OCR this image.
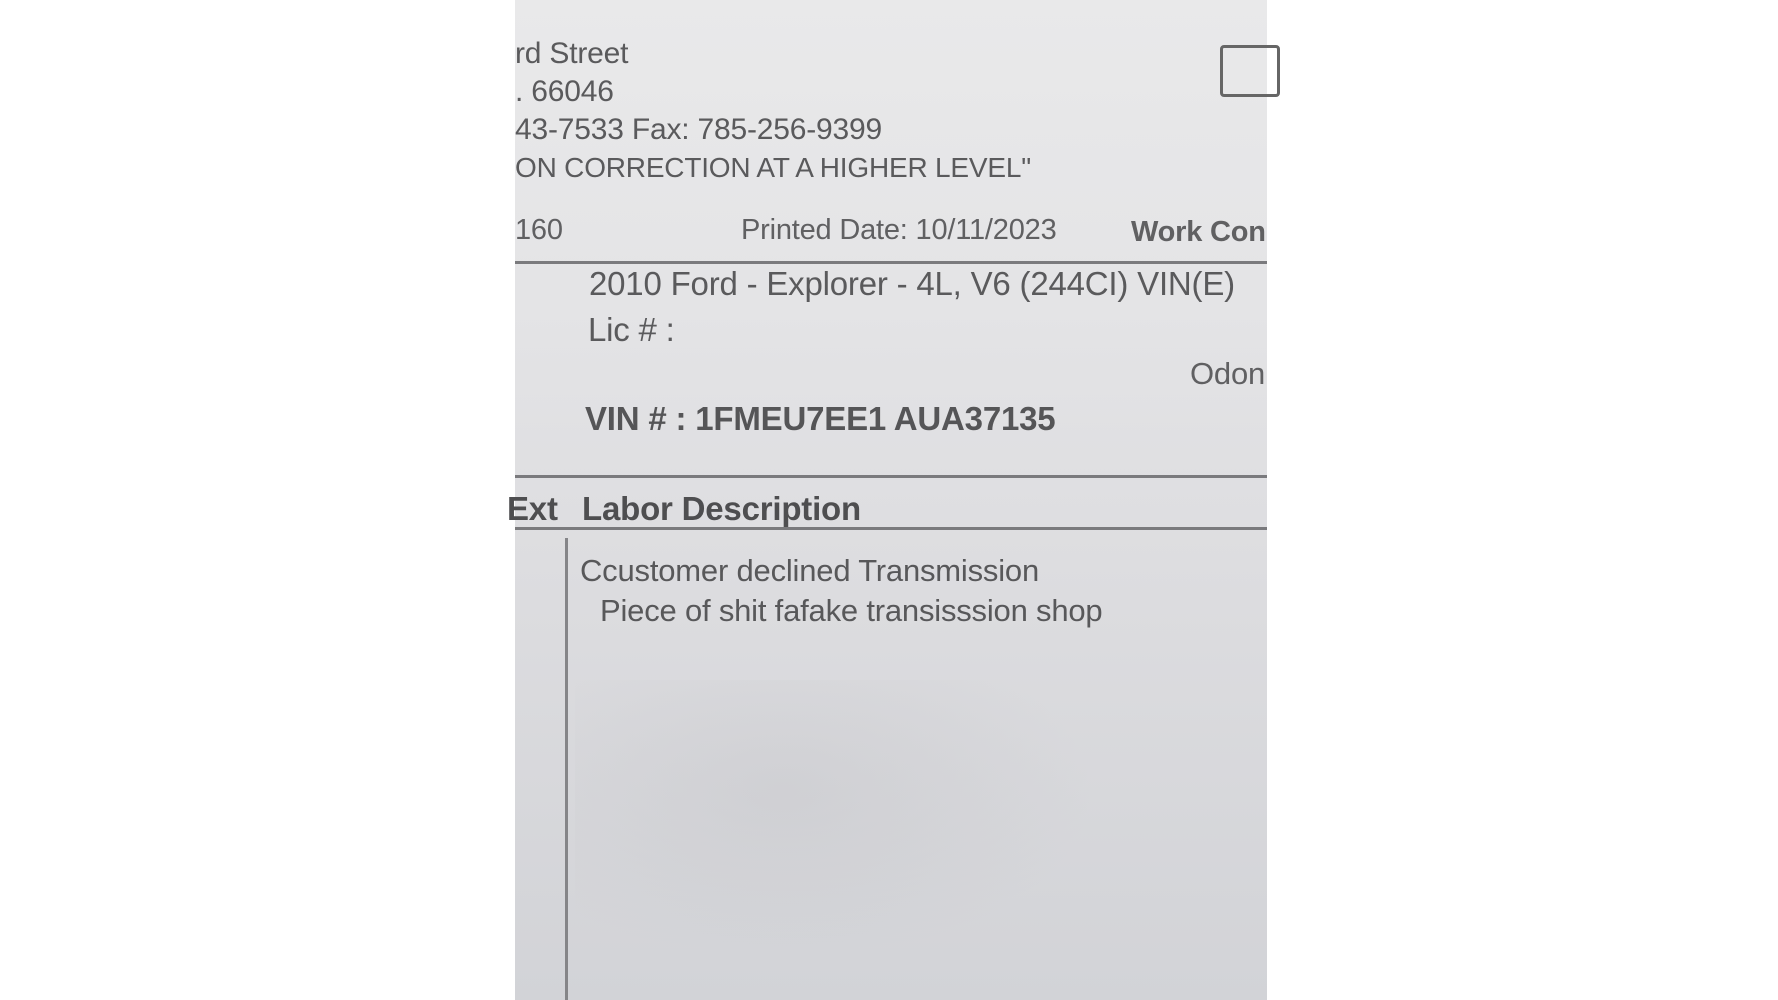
rd Street
. 66046
43-7533 Fax: 785-256-9399
ON CORRECTION AT A HIGHER LEVEL"
160	Printed Date: 10/11/2023	Work Con
2010 Ford - Explorer - 4L, V6 (244CI) VIN(E)
Lic # :
Odon
VIN # : 1FMEU7EE1 AUA37135
Ext Labor Description
Ccustomer declined Transmission
Piece of shit fafake transisssion shop
